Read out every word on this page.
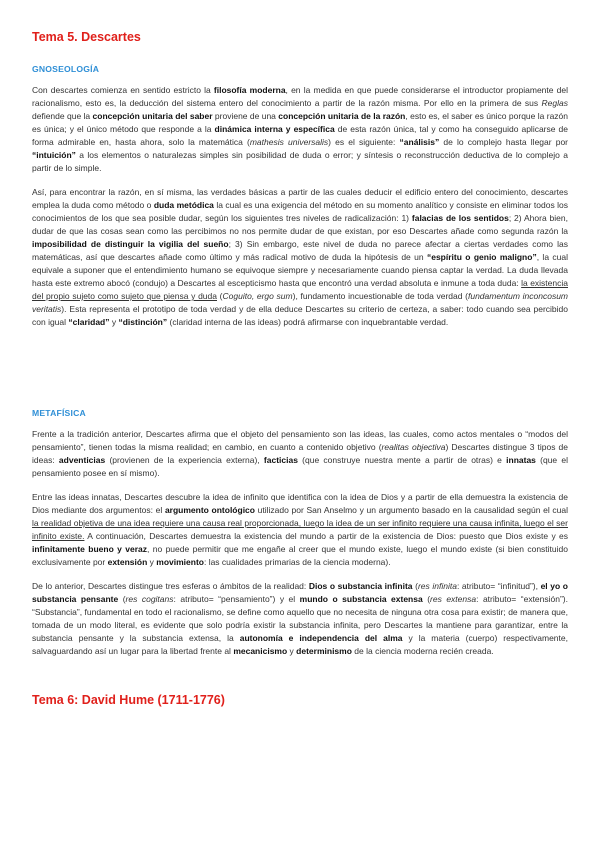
Tema 5. Descartes
GNOSEOLOGÍA

Con descartes comienza en sentido estricto la filosofía moderna, en la medida en que puede considerarse el introductor propiamente del racionalismo, esto es, la deducción del sistema entero del conocimiento a partir de la razón misma. Por ello en la primera de sus Reglas defiende que la concepción unitaria del saber proviene de una concepción unitaria de la razón, esto es, el saber es único porque la razón es única; y el único método que responde a la dinámica interna y específica de esta razón única, tal y como ha conseguido aplicarse de forma admirable en, hasta ahora, solo la matemática (mathesis universalis) es el siguiente: “análisis” de lo complejo hasta llegar por “intuición” a los elementos o naturalezas simples sin posibilidad de duda o error; y síntesis o reconstrucción deductiva de lo complejo a partir de lo simple.

Así, para encontrar la razón, en sí misma, las verdades básicas a partir de las cuales deducir el edificio entero del conocimiento, descartes emplea la duda como método o duda metódica la cual es una exigencia del método en su momento analítico y consiste en eliminar todos los conocimientos de los que sea posible dudar, según los siguientes tres niveles de radicalización: 1) falacias de los sentidos; 2) Ahora bien, dudar de que las cosas sean como las percibimos no nos permite dudar de que existan, por eso Descartes añade como segunda razón la imposibilidad de distinguir la vigilia del sueño; 3) Sin embargo, este nivel de duda no parece afectar a ciertas verdades como las matemáticas, así que descartes añade como último y más radical motivo de duda la hipótesis de un “espíritu o genio maligno”, la cual equivale a suponer que el entendimiento humano se equivoque siempre y necesariamente cuando piensa captar la verdad. La duda llevada hasta este extremo abocó (condujo) a Descartes al escepticismo hasta que encontró una verdad absoluta e inmune a toda duda: la existencia del propio sujeto como sujeto que piensa y duda (Coguito, ergo sum), fundamento incuestionable de toda verdad (fundamentum inconcosum veritatis). Esta representa el prototipo de toda verdad y de ella deduce Descartes su criterio de certeza, a saber: todo cuando sea percibido con igual “claridad” y “distinción” (claridad interna de las ideas) podrá afirmarse con inquebrantable verdad.

METAFÍSICA

Frente a la tradición anterior, Descartes afirma que el objeto del pensamiento son las ideas, las cuales, como actos mentales o “modos del pensamiento”, tienen todas la misma realidad; en cambio, en cuanto a contenido objetivo (realitas objectiva) Descartes distingue 3 tipos de ideas: adventicias (provienen de la experiencia externa), facticias (que construye nuestra mente a partir de otras) e innatas (que el pensamiento posee en sí mismo).

Entre las ideas innatas, Descartes descubre la idea de infinito que identifica con la idea de Dios y a partir de ella demuestra la existencia de Dios mediante dos argumentos: el argumento ontológico utilizado por San Anselmo y un argumento basado en la causalidad según el cual la realidad objetiva de una idea requiere una causa real proporcionada, luego la idea de un ser infinito requiere una causa infinita, luego el ser infinito existe. A continuación, Descartes demuestra la existencia del mundo a partir de la existencia de Dios: puesto que Dios existe y es infinitamente bueno y veraz, no puede permitir que me engañe al creer que el mundo existe, luego el mundo existe (si bien constituido exclusivamente por extensión y movimiento: las cualidades primarias de la ciencia moderna).

De lo anterior, Descartes distingue tres esferas o ámbitos de la realidad: Dios o substancia infinita (res infinita: atributo= “infinitud”), el yo o substancia pensante (res cogitans: atributo= “pensamiento”) y el mundo o substancia extensa (res extensa: atributo= “extensión”). “Substancia”, fundamental en todo el racionalismo, se define como aquello que no necesita de ninguna otra cosa para existir; de manera que, tomada de un modo literal, es evidente que solo podría existir la substancia infinita, pero Descartes la mantiene para garantizar, entre la substancia pensante y la substancia extensa, la autonomía e independencia del alma y la materia (cuerpo) respectivamente, salvaguardando así un lugar para la libertad frente al mecanicismo y determinismo de la ciencia moderna recién creada.

Tema 6: David Hume (1711-1776)
